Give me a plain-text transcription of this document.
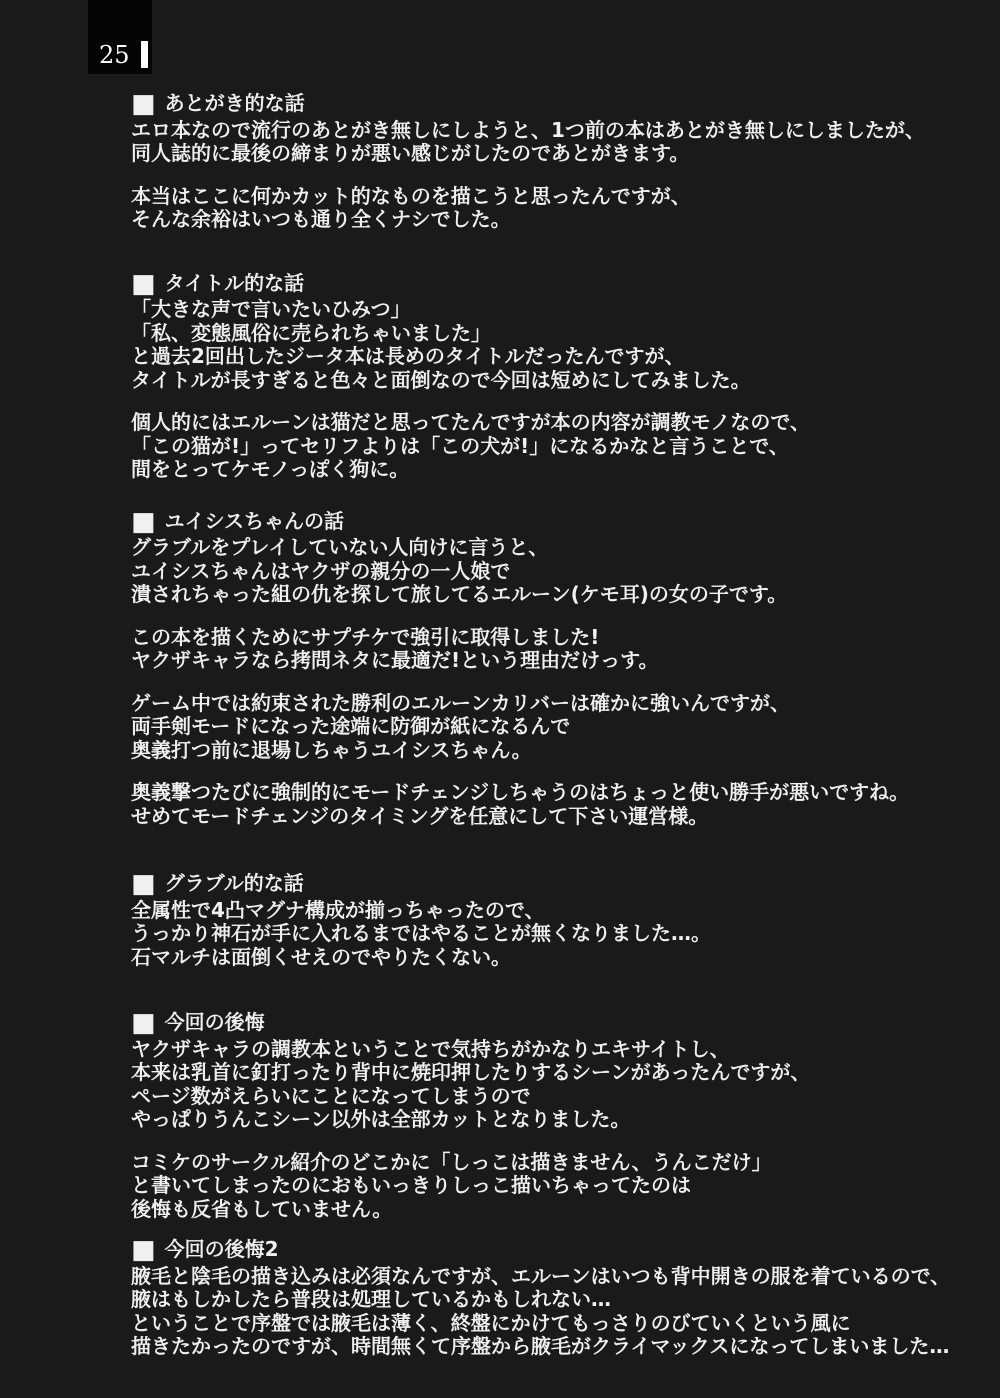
25
■ あとがき的な話
エロ本なので流行のあとがき無しにしようと、1つ前の本はあとがき無しにしましたが、
同人誌的に最後の締まりが悪い感じがしたのであとがきます。
本当はここに何かカット的なものを描こうと思ったんですが、
そんな余裕はいつも通り全くナシでした。
■ タイトル的な話
「大きな声で言いたいひみつ」
「私、変態風俗に売られちゃいました」
と過去2回出したジータ本は長めのタイトルだったんですが、
タイトルが長すぎると色々と面倒なので今回は短めにしてみました。
個人的にはエルーンは猫だと思ってたんですが本の内容が調教モノなので、
「この猫が!」ってセリフよりは「この犬が!」になるかなと言うことで、
間をとってケモノっぽく狗に。
■ ユイシスちゃんの話
グラブルをプレイしていない人向けに言うと、
ユイシスちゃんはヤクザの親分の一人娘で
潰されちゃった組の仇を探して旅してるエルーン(ケモ耳)の女の子です。
この本を描くためにサプチケで強引に取得しました!
ヤクザキャラなら拷問ネタに最適だ!という理由だけっす。
ゲーム中では約束された勝利のエルーンカリバーは確かに強いんですが、
両手剣モードになった途端に防御が紙になるんで
奥義打つ前に退場しちゃうユイシスちゃん。
奥義撃つたびに強制的にモードチェンジしちゃうのはちょっと使い勝手が悪いですね。
せめてモードチェンジのタイミングを任意にして下さい運営様。
■ グラブル的な話
全属性で4凸マグナ構成が揃っちゃったので、
うっかり神石が手に入れるまではやることが無くなりました…。
石マルチは面倒くせえのでやりたくない。
■ 今回の後悔
ヤクザキャラの調教本ということで気持ちがかなりエキサイトし、
本来は乳首に釘打ったり背中に焼印押したりするシーンがあったんですが、
ページ数がえらいにことになってしまうので
やっぱりうんこシーン以外は全部カットとなりました。
コミケのサークル紹介のどこかに「しっこは描きません、うんこだけ」
と書いてしまったのにおもいっきりしっこ描いちゃってたのは
後悔も反省もしていません。
■ 今回の後悔2
腋毛と陰毛の描き込みは必須なんですが、エルーンはいつも背中開きの服を着ているので、
腋はもしかしたら普段は処理しているかもしれない…
ということで序盤では腋毛は薄く、終盤にかけてもっさりのびていくという風に
描きたかったのですが、時間無くて序盤から腋毛がクライマックスになってしまいました…
